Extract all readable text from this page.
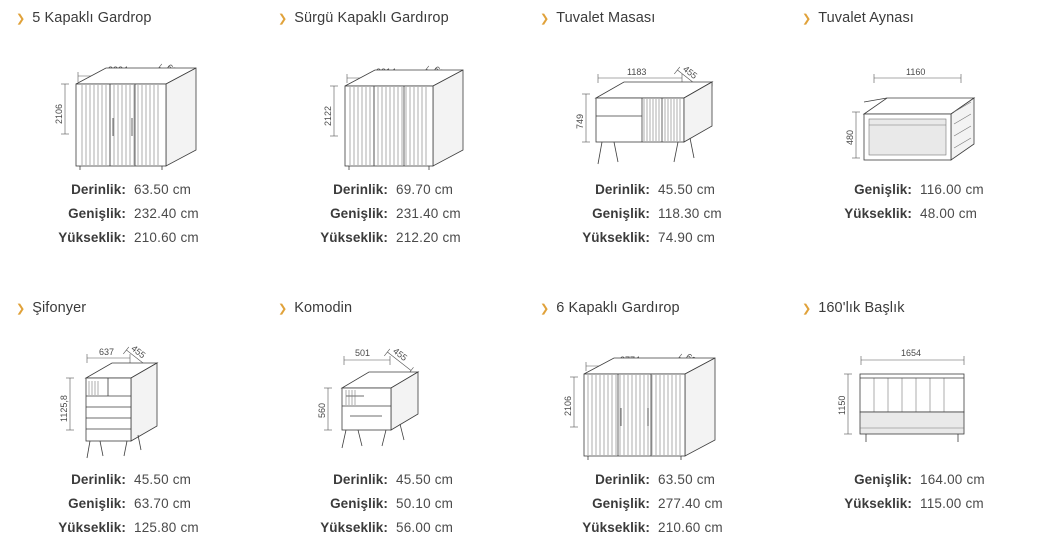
❯ 5 Kapaklı Gardrop
2106
Derinlik: 63.50 cm
Genişlik: 232.40 cm
Yükseklik: 210.60 cm
❯ Sürgü Kapaklı Gardırop
2122
Derinlik: 69.70 cm
Genişlik: 231.40 cm
Yükseklik: 212.20 cm
❯ Tuvalet Masası
1183	455
749
Derinlik: 45.50 cm
Genişlik: 118.30 cm
Yükseklik: 74.90 cm
❯ Tuvalet Aynası
1160
480
Genişlik: 116.00 cm
Yükseklik: 48.00 cm
❯ Şifonyer
637 455
1125,8
Derinlik: 45.50 cm
Genişlik: 63.70 cm
Yükseklik: 125.80 cm
❯ Komodin
501 455
560
Derinlik: 45.50 cm
Genişlik: 50.10 cm
Yükseklik: 56.00 cm
❯ 6 Kapaklı Gardırop
2106
Derinlik: 63.50 cm
Genişlik: 277.40 cm
Yükseklik: 210.60 cm
❯ 160'lık Başlık
1654
1150
Genişlik: 164.00 cm
Yükseklik: 115.00 cm
